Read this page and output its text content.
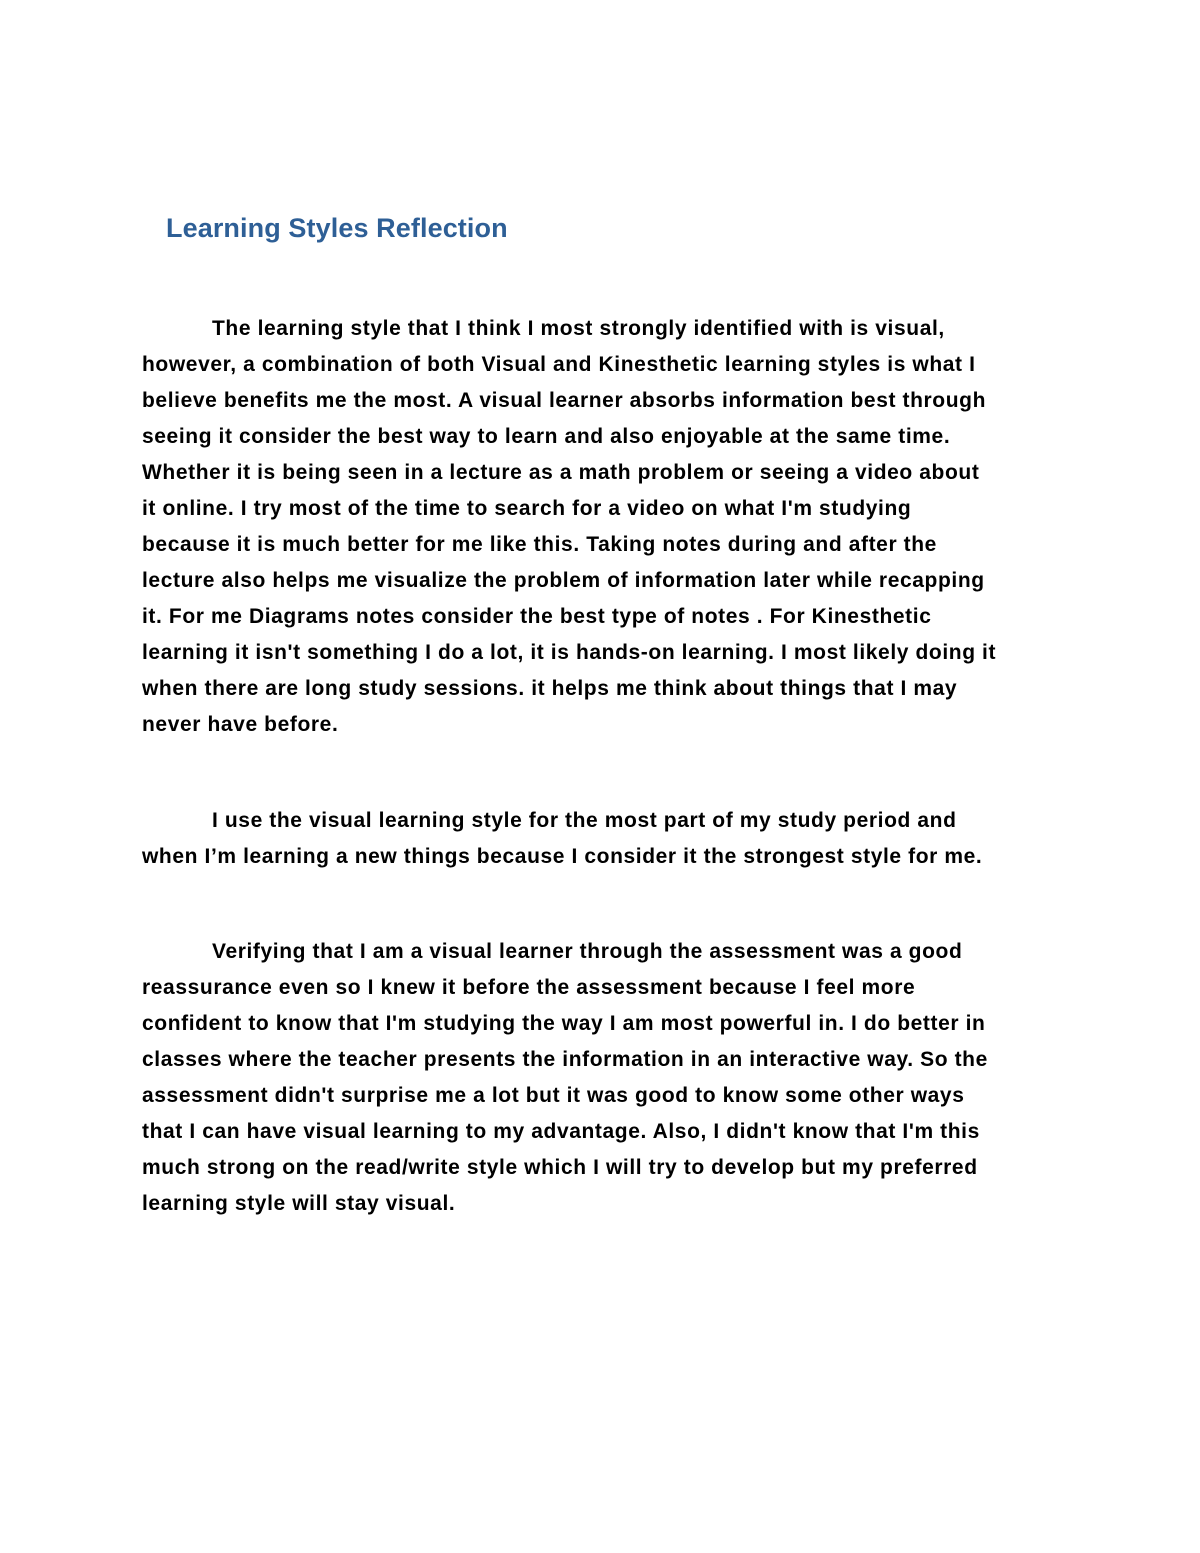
Learning Styles Reflection
The learning style that I think I most strongly identified with is visual,
however, a combination of both Visual and Kinesthetic learning styles is what I
believe benefits me the most. A visual learner absorbs information best through
seeing it consider the best way to learn and also enjoyable at the same time.
Whether it is being seen in a lecture as a math problem or seeing a video about
it online. I try most of the time to search for a video on what I'm studying
because it is much better for me like this. Taking notes during and after the
lecture also helps me visualize the problem of information later while recapping
it. For me Diagrams notes consider the best type of notes . For Kinesthetic
learning it isn't something I do a lot, it is hands-on learning. I most likely doing it
when there are long study sessions. it helps me think about things that I may
never have before.
I use the visual learning style for the most part of my study period and
when I’m learning a new things because I consider it the strongest style for me.
Verifying that I am a visual learner through the assessment was a good
reassurance even so I knew it before the assessment because I feel more
confident to know that I'm studying the way I am most powerful in. I do better in
classes where the teacher presents the information in an interactive way. So the
assessment didn't surprise me a lot but it was good to know some other ways
that I can have visual learning to my advantage. Also, I didn't know that I'm this
much strong on the read/write style which I will try to develop but my preferred
learning style will stay visual.
